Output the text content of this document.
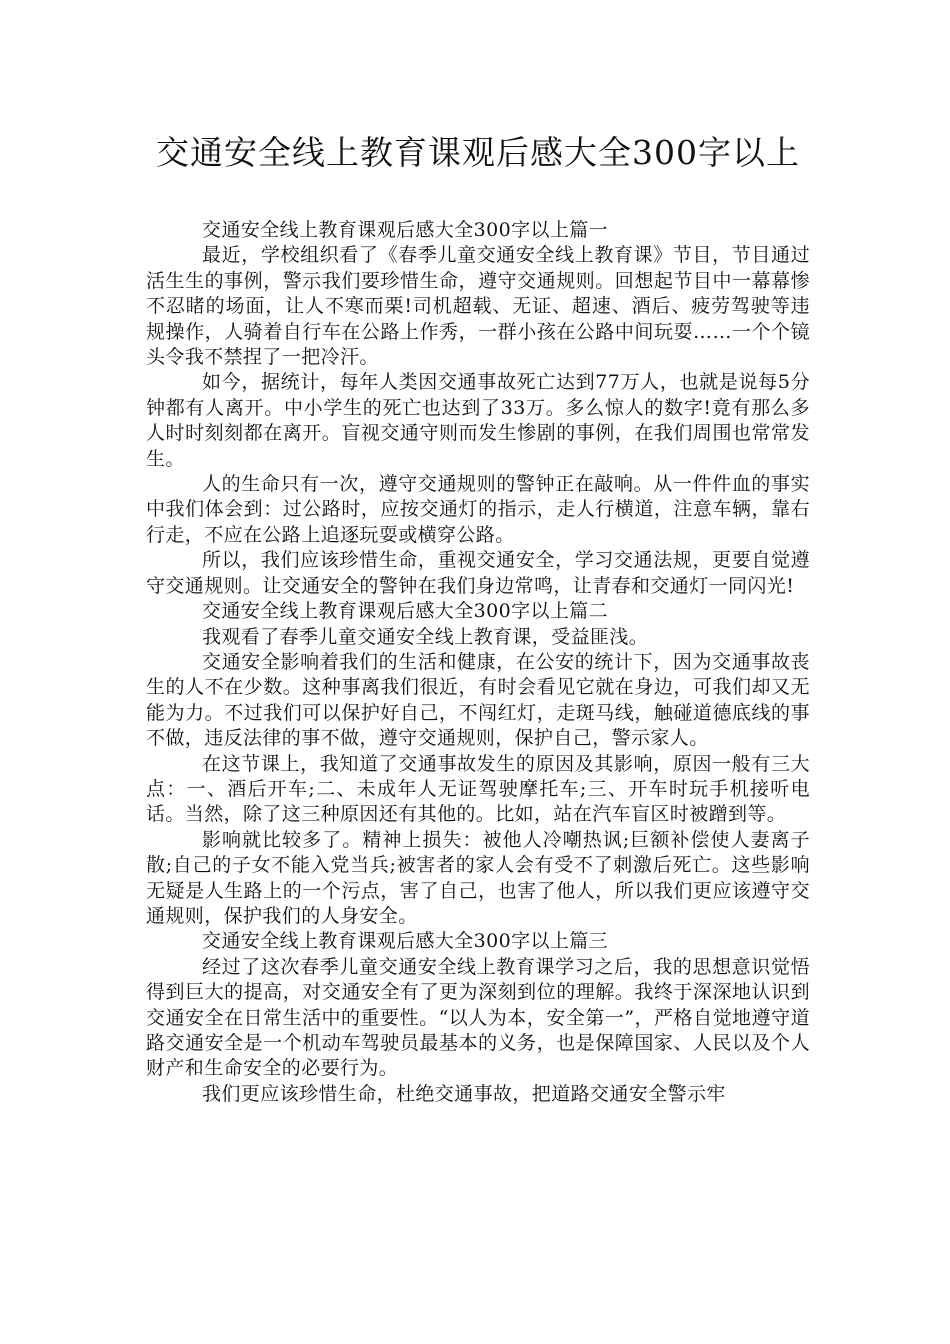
交通安全线上教育课观后感大全300字以上

交通安全线上教育课观后感大全300字以上篇一

最近，学校组织看了《春季儿童交通安全线上教育课》节目，节目通过活生生的事例，警示我们要珍惜生命，遵守交通规则。回想起节目中一幕幕惨不忍睹的场面，让人不寒而栗!司机超载、无证、超速、酒后、疲劳驾驶等违规操作，人骑着自行车在公路上作秀，一群小孩在公路中间玩耍……一个个镜头令我不禁捏了一把冷汗。

如今，据统计，每年人类因交通事故死亡达到77万人，也就是说每5分钟都有人离开。中小学生的死亡也达到了33万。多么惊人的数字!竟有那么多人时时刻刻都在离开。盲视交通守则而发生惨剧的事例，在我们周围也常常发生。

人的生命只有一次，遵守交通规则的警钟正在敲响。从一件件血的事实中我们体会到：过公路时，应按交通灯的指示，走人行横道，注意车辆，靠右行走，不应在公路上追逐玩耍或横穿公路。

所以，我们应该珍惜生命，重视交通安全，学习交通法规，更要自觉遵守交通规则。让交通安全的警钟在我们身边常鸣，让青春和交通灯一同闪光!

交通安全线上教育课观后感大全300字以上篇二

我观看了春季儿童交通安全线上教育课，受益匪浅。

交通安全影响着我们的生活和健康，在公安的统计下，因为交通事故丧生的人不在少数。这种事离我们很近，有时会看见它就在身边，可我们却又无能为力。不过我们可以保护好自己，不闯红灯，走斑马线，触碰道德底线的事不做，违反法律的事不做，遵守交通规则，保护自己，警示家人。

在这节课上，我知道了交通事故发生的原因及其影响，原因一般有三大点：一、酒后开车;二、未成年人无证驾驶摩托车;三、开车时玩手机接听电话。当然，除了这三种原因还有其他的。比如，站在汽车盲区时被蹭到等。

影响就比较多了。精神上损失：被他人冷嘲热讽;巨额补偿使人妻离子散;自己的子女不能入党当兵;被害者的家人会有受不了刺激后死亡。这些影响无疑是人生路上的一个污点，害了自己，也害了他人，所以我们更应该遵守交通规则，保护我们的人身安全。

交通安全线上教育课观后感大全300字以上篇三

经过了这次春季儿童交通安全线上教育课学习之后，我的思想意识觉悟得到巨大的提高，对交通安全有了更为深刻到位的理解。我终于深深地认识到交通安全在日常生活中的重要性。“以人为本，安全第一”，严格自觉地遵守道路交通安全是一个机动车驾驶员最基本的义务，也是保障国家、人民以及个人财产和生命安全的必要行为。

我们更应该珍惜生命，杜绝交通事故，把道路交通安全警示牢
